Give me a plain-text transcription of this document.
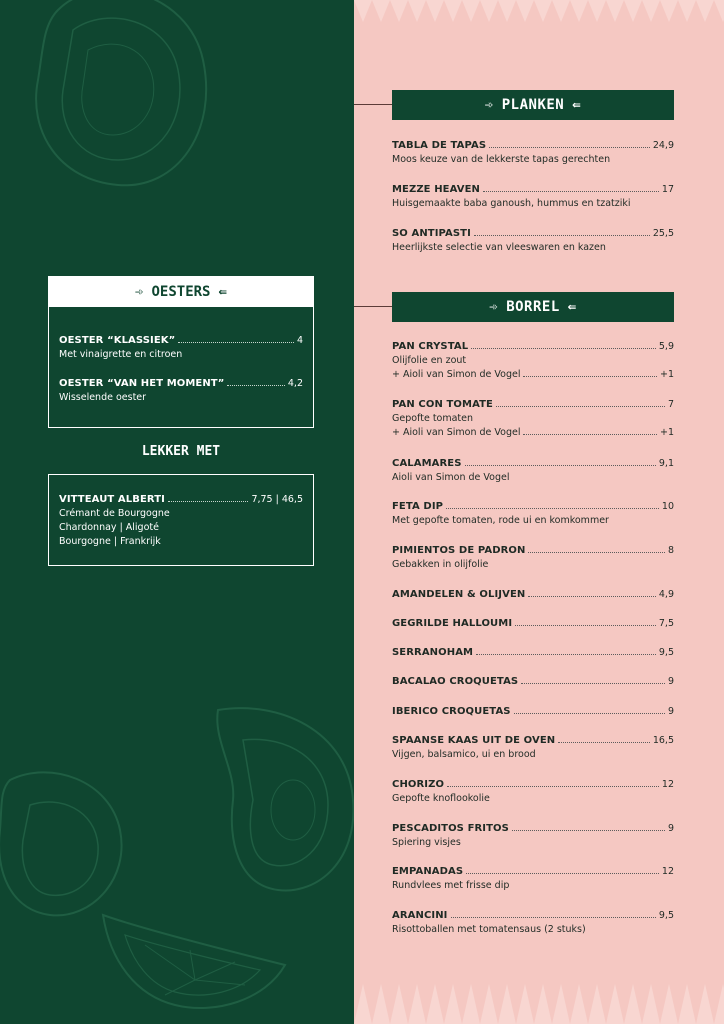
➾ PLANKEN ⇚
TABLA DE TAPAS	24,9
Moos keuze van de lekkerste tapas gerechten
MEZZE HEAVEN	17
Huisgemaakte baba ganoush, hummus en tzatziki
SO ANTIPASTI	25,5
Heerlijkste selectie van vleeswaren en kazen
➾ BORREL ⇚
PAN CRYSTAL	5,9
Olijfolie en zout
+ Aioli van Simon de Vogel	+1
PAN CON TOMATE	7
Gepofte tomaten
+ Aioli van Simon de Vogel	+1
CALAMARES	9,1
Aioli van Simon de Vogel
FETA DIP	10
Met gepofte tomaten, rode ui en komkommer
PIMIENTOS DE PADRON	8
Gebakken in olijfolie
AMANDELEN & OLIJVEN	4,9
GEGRILDE HALLOUMI	7,5
SERRANOHAM	9,5
BACALAO CROQUETAS	9
IBERICO CROQUETAS	9
SPAANSE KAAS UIT DE OVEN	16,5
Vijgen, balsamico, ui en brood
CHORIZO	12
Gepofte knoflookolie
PESCADITOS FRITOS	9
Spiering visjes
EMPANADAS	12
Rundvlees met frisse dip
ARANCINI	9,5
Risottoballen met tomatensaus (2 stuks)
➾ OESTERS ⇚
OESTER “KLASSIEK”	4
Met vinaigrette en citroen
OESTER “VAN HET MOMENT”	4,2
Wisselende oester
LEKKER MET
VITTEAUT ALBERTI	7,75 | 46,5
Crémant de Bourgogne
Chardonnay | Aligoté
Bourgogne | Frankrijk
